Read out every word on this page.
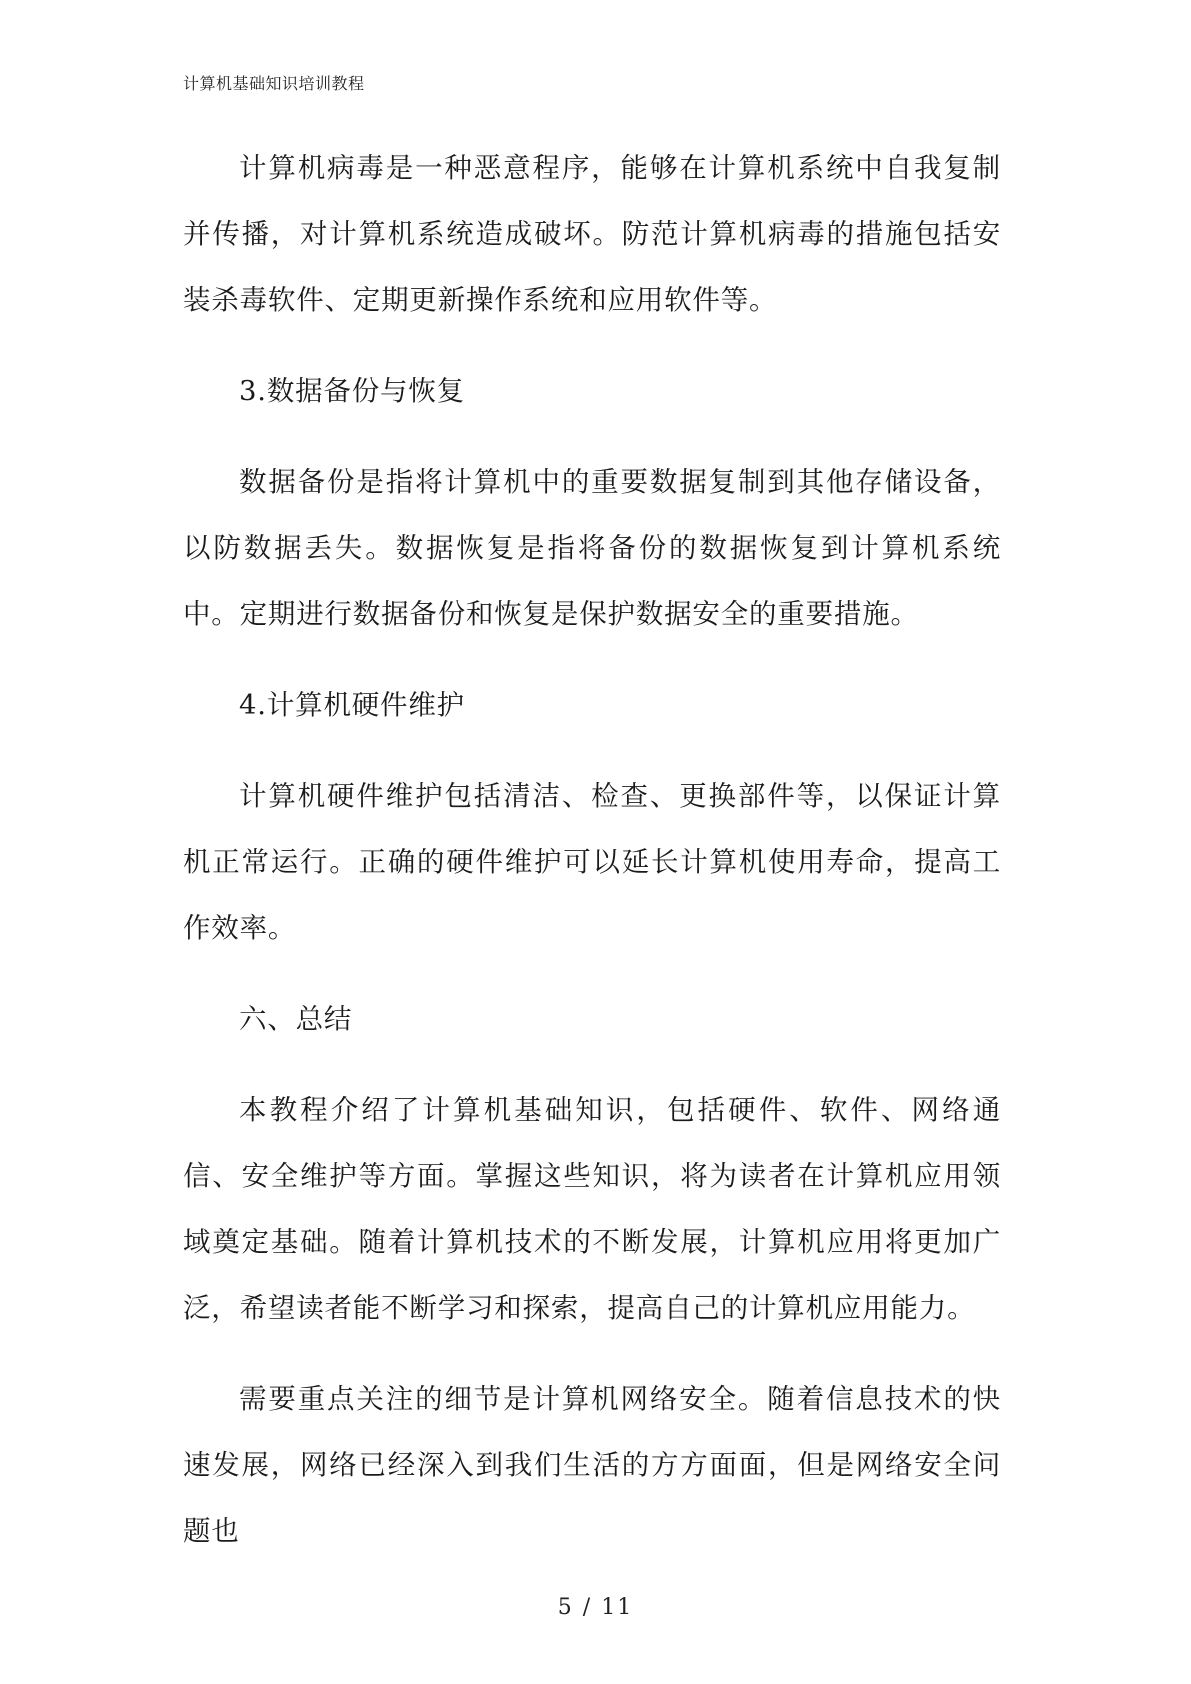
计算机基础知识培训教程

计算机病毒是一种恶意程序，能够在计算机系统中自我复制并传播，对计算机系统造成破坏。防范计算机病毒的措施包括安装杀毒软件、定期更新操作系统和应用软件等。

3.数据备份与恢复

数据备份是指将计算机中的重要数据复制到其他存储设备，以防数据丢失。数据恢复是指将备份的数据恢复到计算机系统中。定期进行数据备份和恢复是保护数据安全的重要措施。

4.计算机硬件维护

计算机硬件维护包括清洁、检查、更换部件等，以保证计算机正常运行。正确的硬件维护可以延长计算机使用寿命，提高工作效率。

六、总结

本教程介绍了计算机基础知识，包括硬件、软件、网络通信、安全维护等方面。掌握这些知识，将为读者在计算机应用领域奠定基础。随着计算机技术的不断发展，计算机应用将更加广泛，希望读者能不断学习和探索，提高自己的计算机应用能力。

需要重点关注的细节是计算机网络安全。随着信息技术的快速发展，网络已经深入到我们生活的方方面面，但是网络安全问题也

5 / 11
